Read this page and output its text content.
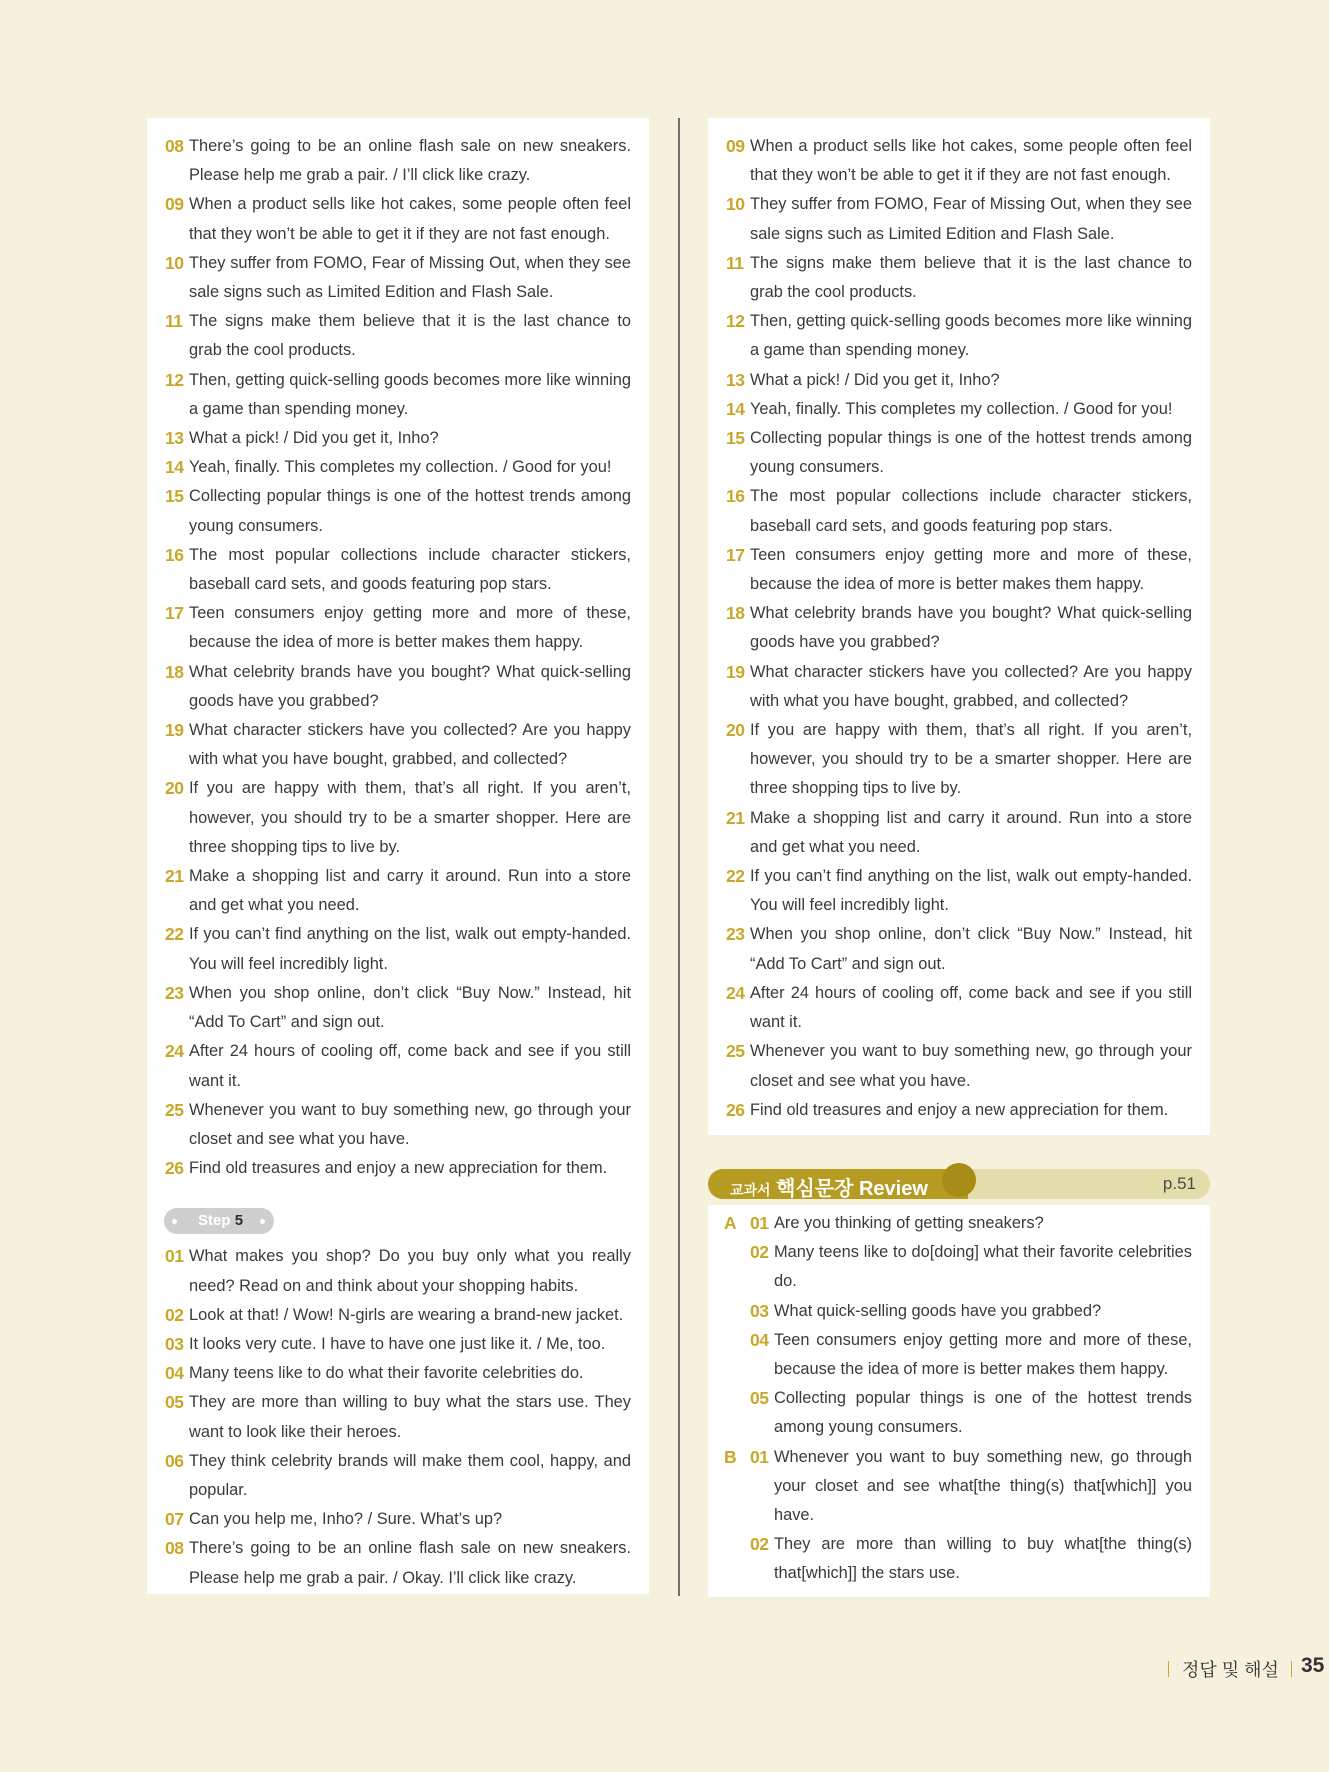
08 There’s going to be an online flash sale on new sneakers. Please help me grab a pair. / I’ll click like crazy.
09 When a product sells like hot cakes, some people often feel that they won’t be able to get it if they are not fast enough.
10 They suffer from FOMO, Fear of Missing Out, when they see sale signs such as Limited Edition and Flash Sale.
11 The signs make them believe that it is the last chance to grab the cool products.
12 Then, getting quick-selling goods becomes more like winning a game than spending money.
13 What a pick! / Did you get it, Inho?
14 Yeah, finally. This completes my collection. / Good for you!
15 Collecting popular things is one of the hottest trends among young consumers.
16 The most popular collections include character stickers, baseball card sets, and goods featuring pop stars.
17 Teen consumers enjoy getting more and more of these, because the idea of more is better makes them happy.
18 What celebrity brands have you bought? What quick-selling goods have you grabbed?
19 What character stickers have you collected? Are you happy with what you have bought, grabbed, and collected?
20 If you are happy with them, that’s all right. If you aren’t, however, you should try to be a smarter shopper. Here are three shopping tips to live by.
21 Make a shopping list and carry it around. Run into a store and get what you need.
22 If you can’t find anything on the list, walk out empty-handed. You will feel incredibly light.
23 When you shop online, don’t click “Buy Now.” Instead, hit “Add To Cart” and sign out.
24 After 24 hours of cooling off, come back and see if you still want it.
25 Whenever you want to buy something new, go through your closet and see what you have.
26 Find old treasures and enjoy a new appreciation for them.
Step 5
01 What makes you shop? Do you buy only what you really need? Read on and think about your shopping habits.
02 Look at that! / Wow! N-girls are wearing a brand-new jacket.
03 It looks very cute. I have to have one just like it. / Me, too.
04 Many teens like to do what their favorite celebrities do.
05 They are more than willing to buy what the stars use. They want to look like their heroes.
06 They think celebrity brands will make them cool, happy, and popular.
07 Can you help me, Inho? / Sure. What’s up?
08 There’s going to be an online flash sale on new sneakers. Please help me grab a pair. / Okay. I’ll click like crazy.
09 When a product sells like hot cakes, some people often feel that they won’t be able to get it if they are not fast enough.
10 They suffer from FOMO, Fear of Missing Out, when they see sale signs such as Limited Edition and Flash Sale.
11 The signs make them believe that it is the last chance to grab the cool products.
12 Then, getting quick-selling goods becomes more like winning a game than spending money.
13 What a pick! / Did you get it, Inho?
14 Yeah, finally. This completes my collection. / Good for you!
15 Collecting popular things is one of the hottest trends among young consumers.
16 The most popular collections include character stickers, baseball card sets, and goods featuring pop stars.
17 Teen consumers enjoy getting more and more of these, because the idea of more is better makes them happy.
18 What celebrity brands have you bought? What quick-selling goods have you grabbed?
19 What character stickers have you collected? Are you happy with what you have bought, grabbed, and collected?
20 If you are happy with them, that’s all right. If you aren’t, however, you should try to be a smarter shopper. Here are three shopping tips to live by.
21 Make a shopping list and carry it around. Run into a store and get what you need.
22 If you can’t find anything on the list, walk out empty-handed. You will feel incredibly light.
23 When you shop online, don’t click “Buy Now.” Instead, hit “Add To Cart” and sign out.
24 After 24 hours of cooling off, come back and see if you still want it.
25 Whenever you want to buy something new, go through your closet and see what you have.
26 Find old treasures and enjoy a new appreciation for them.
교과서 핵심문장 Review	p.51
A 01 Are you thinking of getting sneakers?
02 Many teens like to do[doing] what their favorite celebrities do.
03 What quick-selling goods have you grabbed?
04 Teen consumers enjoy getting more and more of these, because the idea of more is better makes them happy.
05 Collecting popular things is one of the hottest trends among young consumers.
B 01 Whenever you want to buy something new, go through your closet and see what[the thing(s) that[which]] you have.
02 They are more than willing to buy what[the thing(s) that[which]] the stars use.
정답 및 해설 35
